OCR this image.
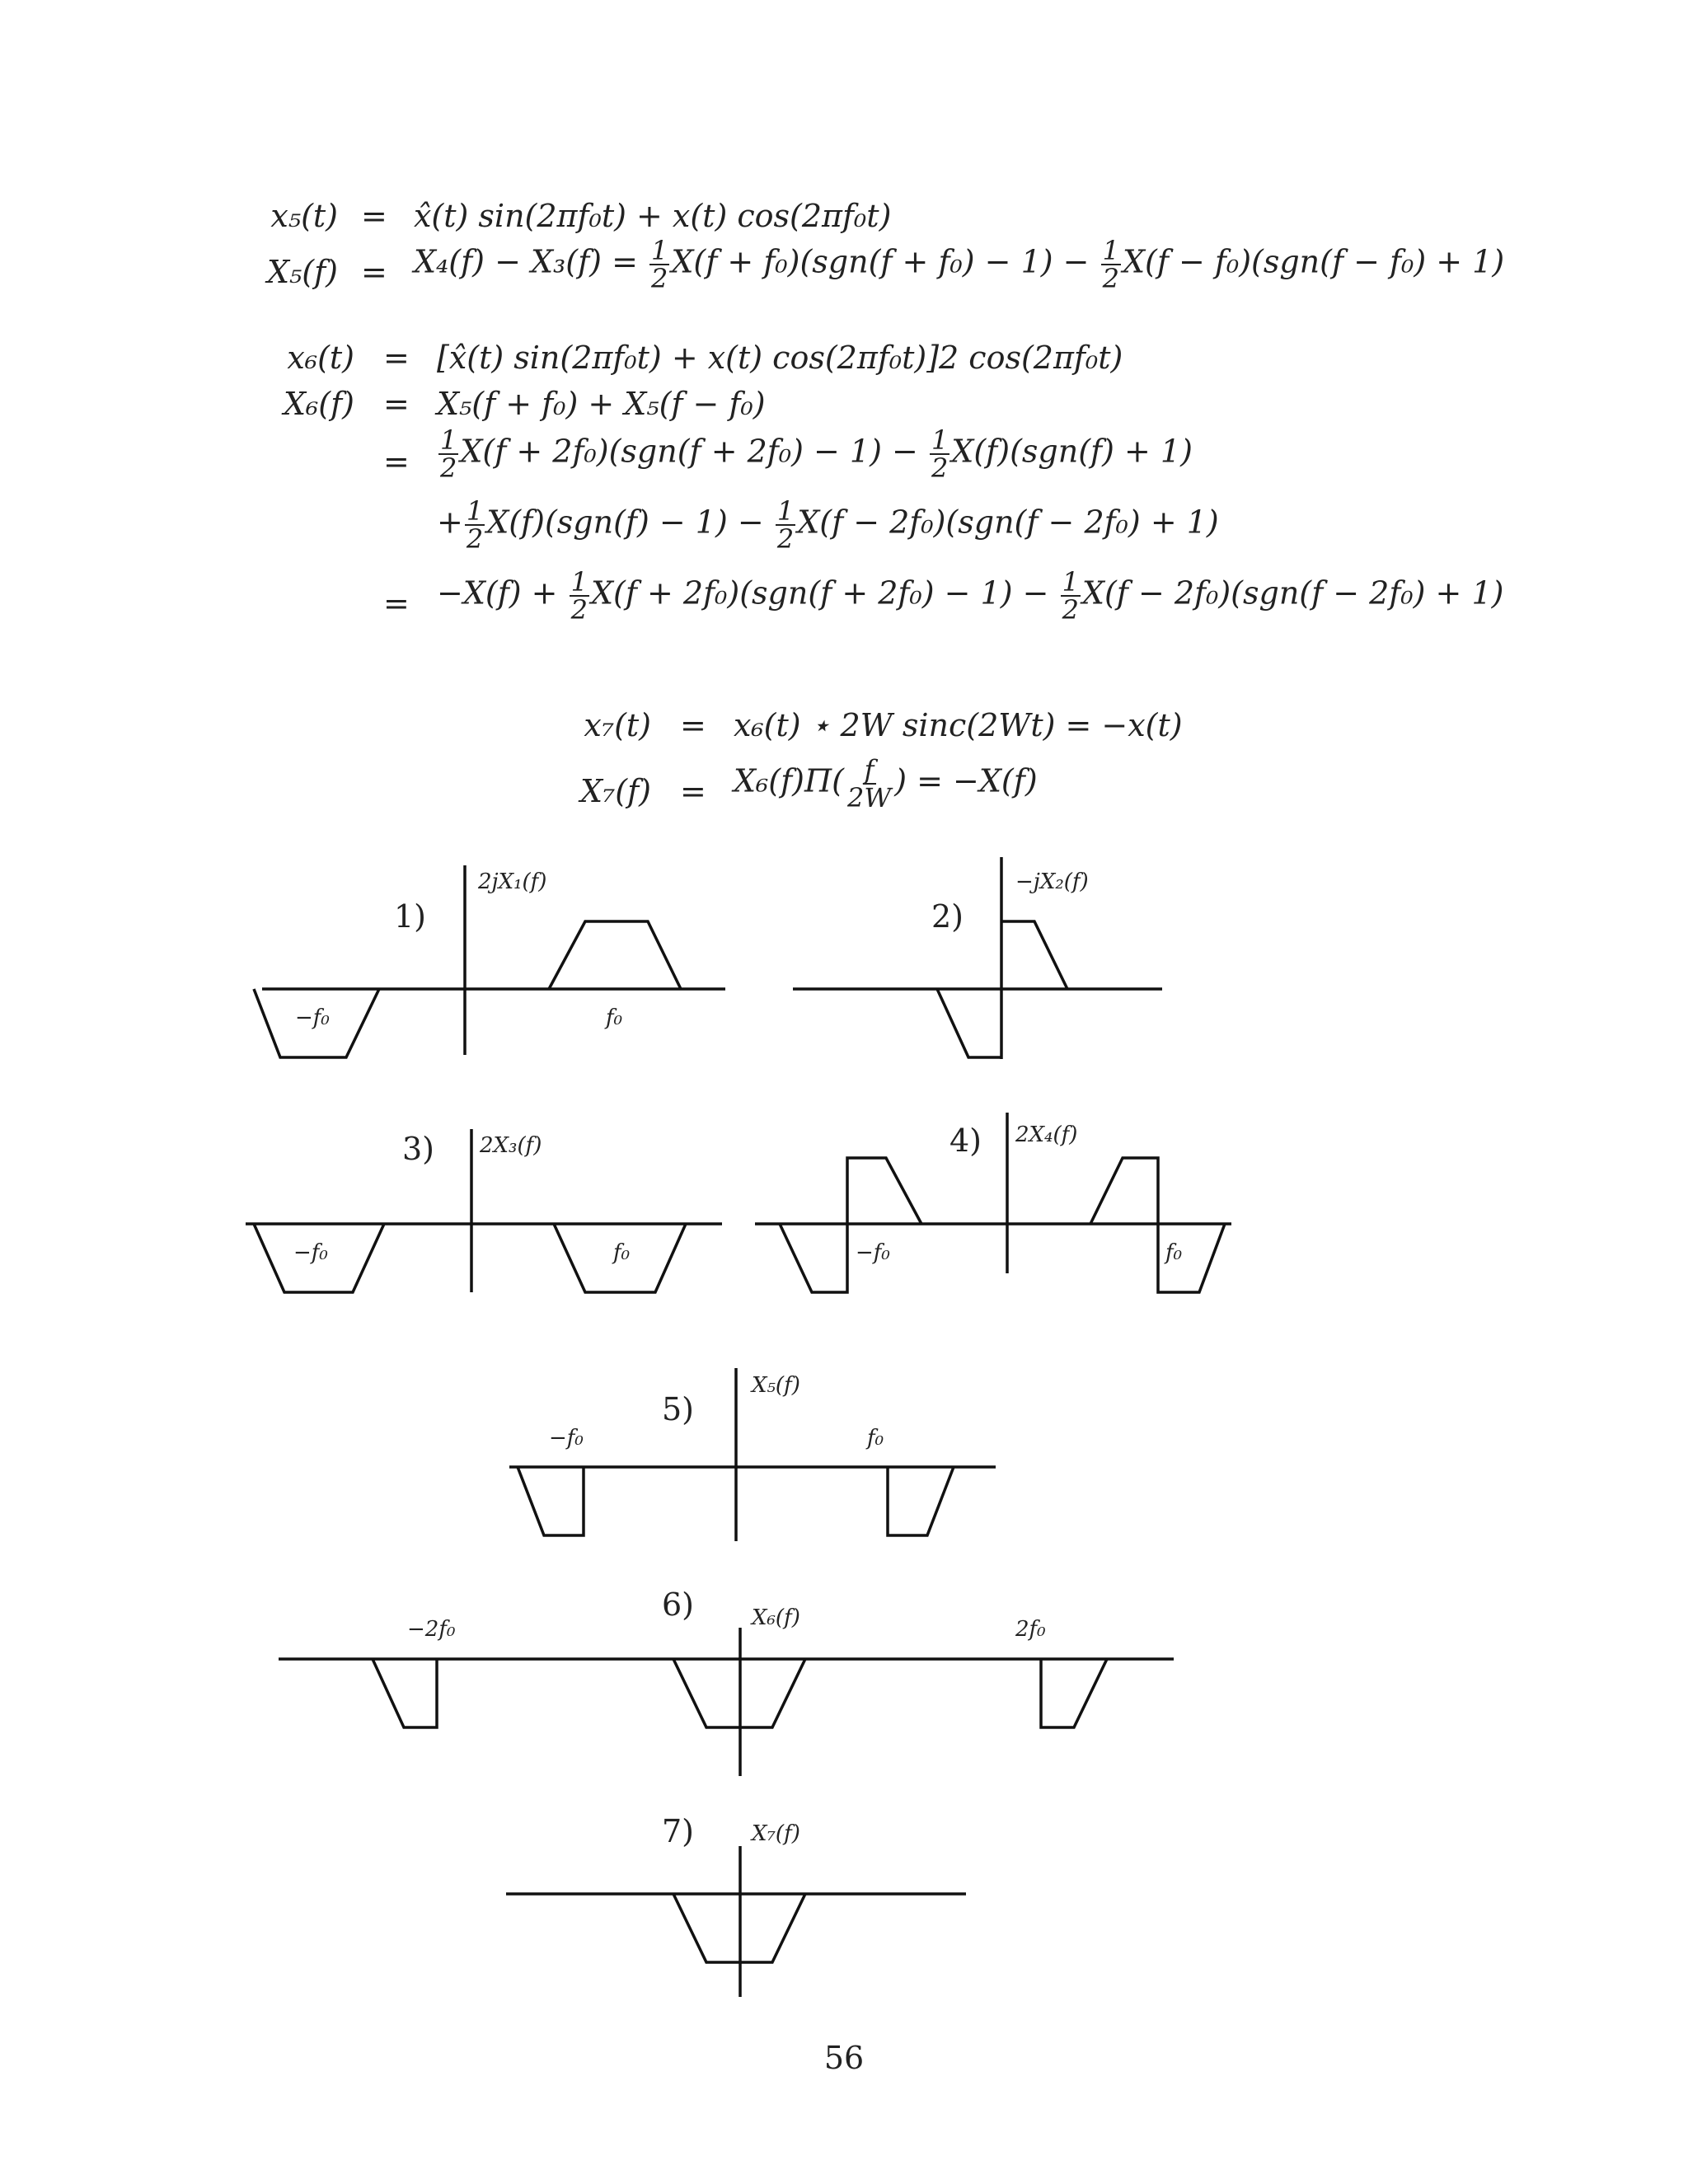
x₅(t) = x̂(t) sin(2πf₀t) + x(t) cos(2πf₀t)
$X_5(f) = X_4(f) - X_3(f) = \frac{1}{2} X(f + f_0)(sgn(f + f_0) - 1) - \frac{1}{2} X(f - f_0)(sgn(f - f_0) + 1)$
x₆(t) = [x̂(t) sin(2πf₀t) + x(t) cos(2πf₀t)]2 cos(2πf₀t)
X₆(f) = X₅(f + f₀) + X₅(f − f₀)
= $\frac{1}{2} X(f + 2f_0)(sgn(f + 2f_0) - 1) - \frac{1}{2} X(f)(sgn(f) + 1)$
+ $\frac{1}{2} X(f)(sgn(f) - 1) - \frac{1}{2} X(f - 2f_0)(sgn(f - 2f_0) + 1)$
= $-X(f) + \frac{1}{2} X(f + 2f_0)(sgn(f + 2f_0) - 1) - \frac{1}{2} X(f - 2f_0)(sgn(f - 2f_0) + 1)$
x₇(t) = x₆(t) ⋆ 2W sinc(2Wt) = −x(t)
$X_7(f) = X_6(f)\Pi( \frac{f}{2W}$ ) = −X(f)
1)
2jX₁(f)
−f₀	f₀
2)
−jX₂(f)
3) 2X₃(f)
−f₀	f₀
4) 2X₄(f)
−f₀	f₀
5)
X₅(f)
−f₀	f₀
6)	X₆(f)
−2f₀	2f₀
7)	X₇(f)
56
